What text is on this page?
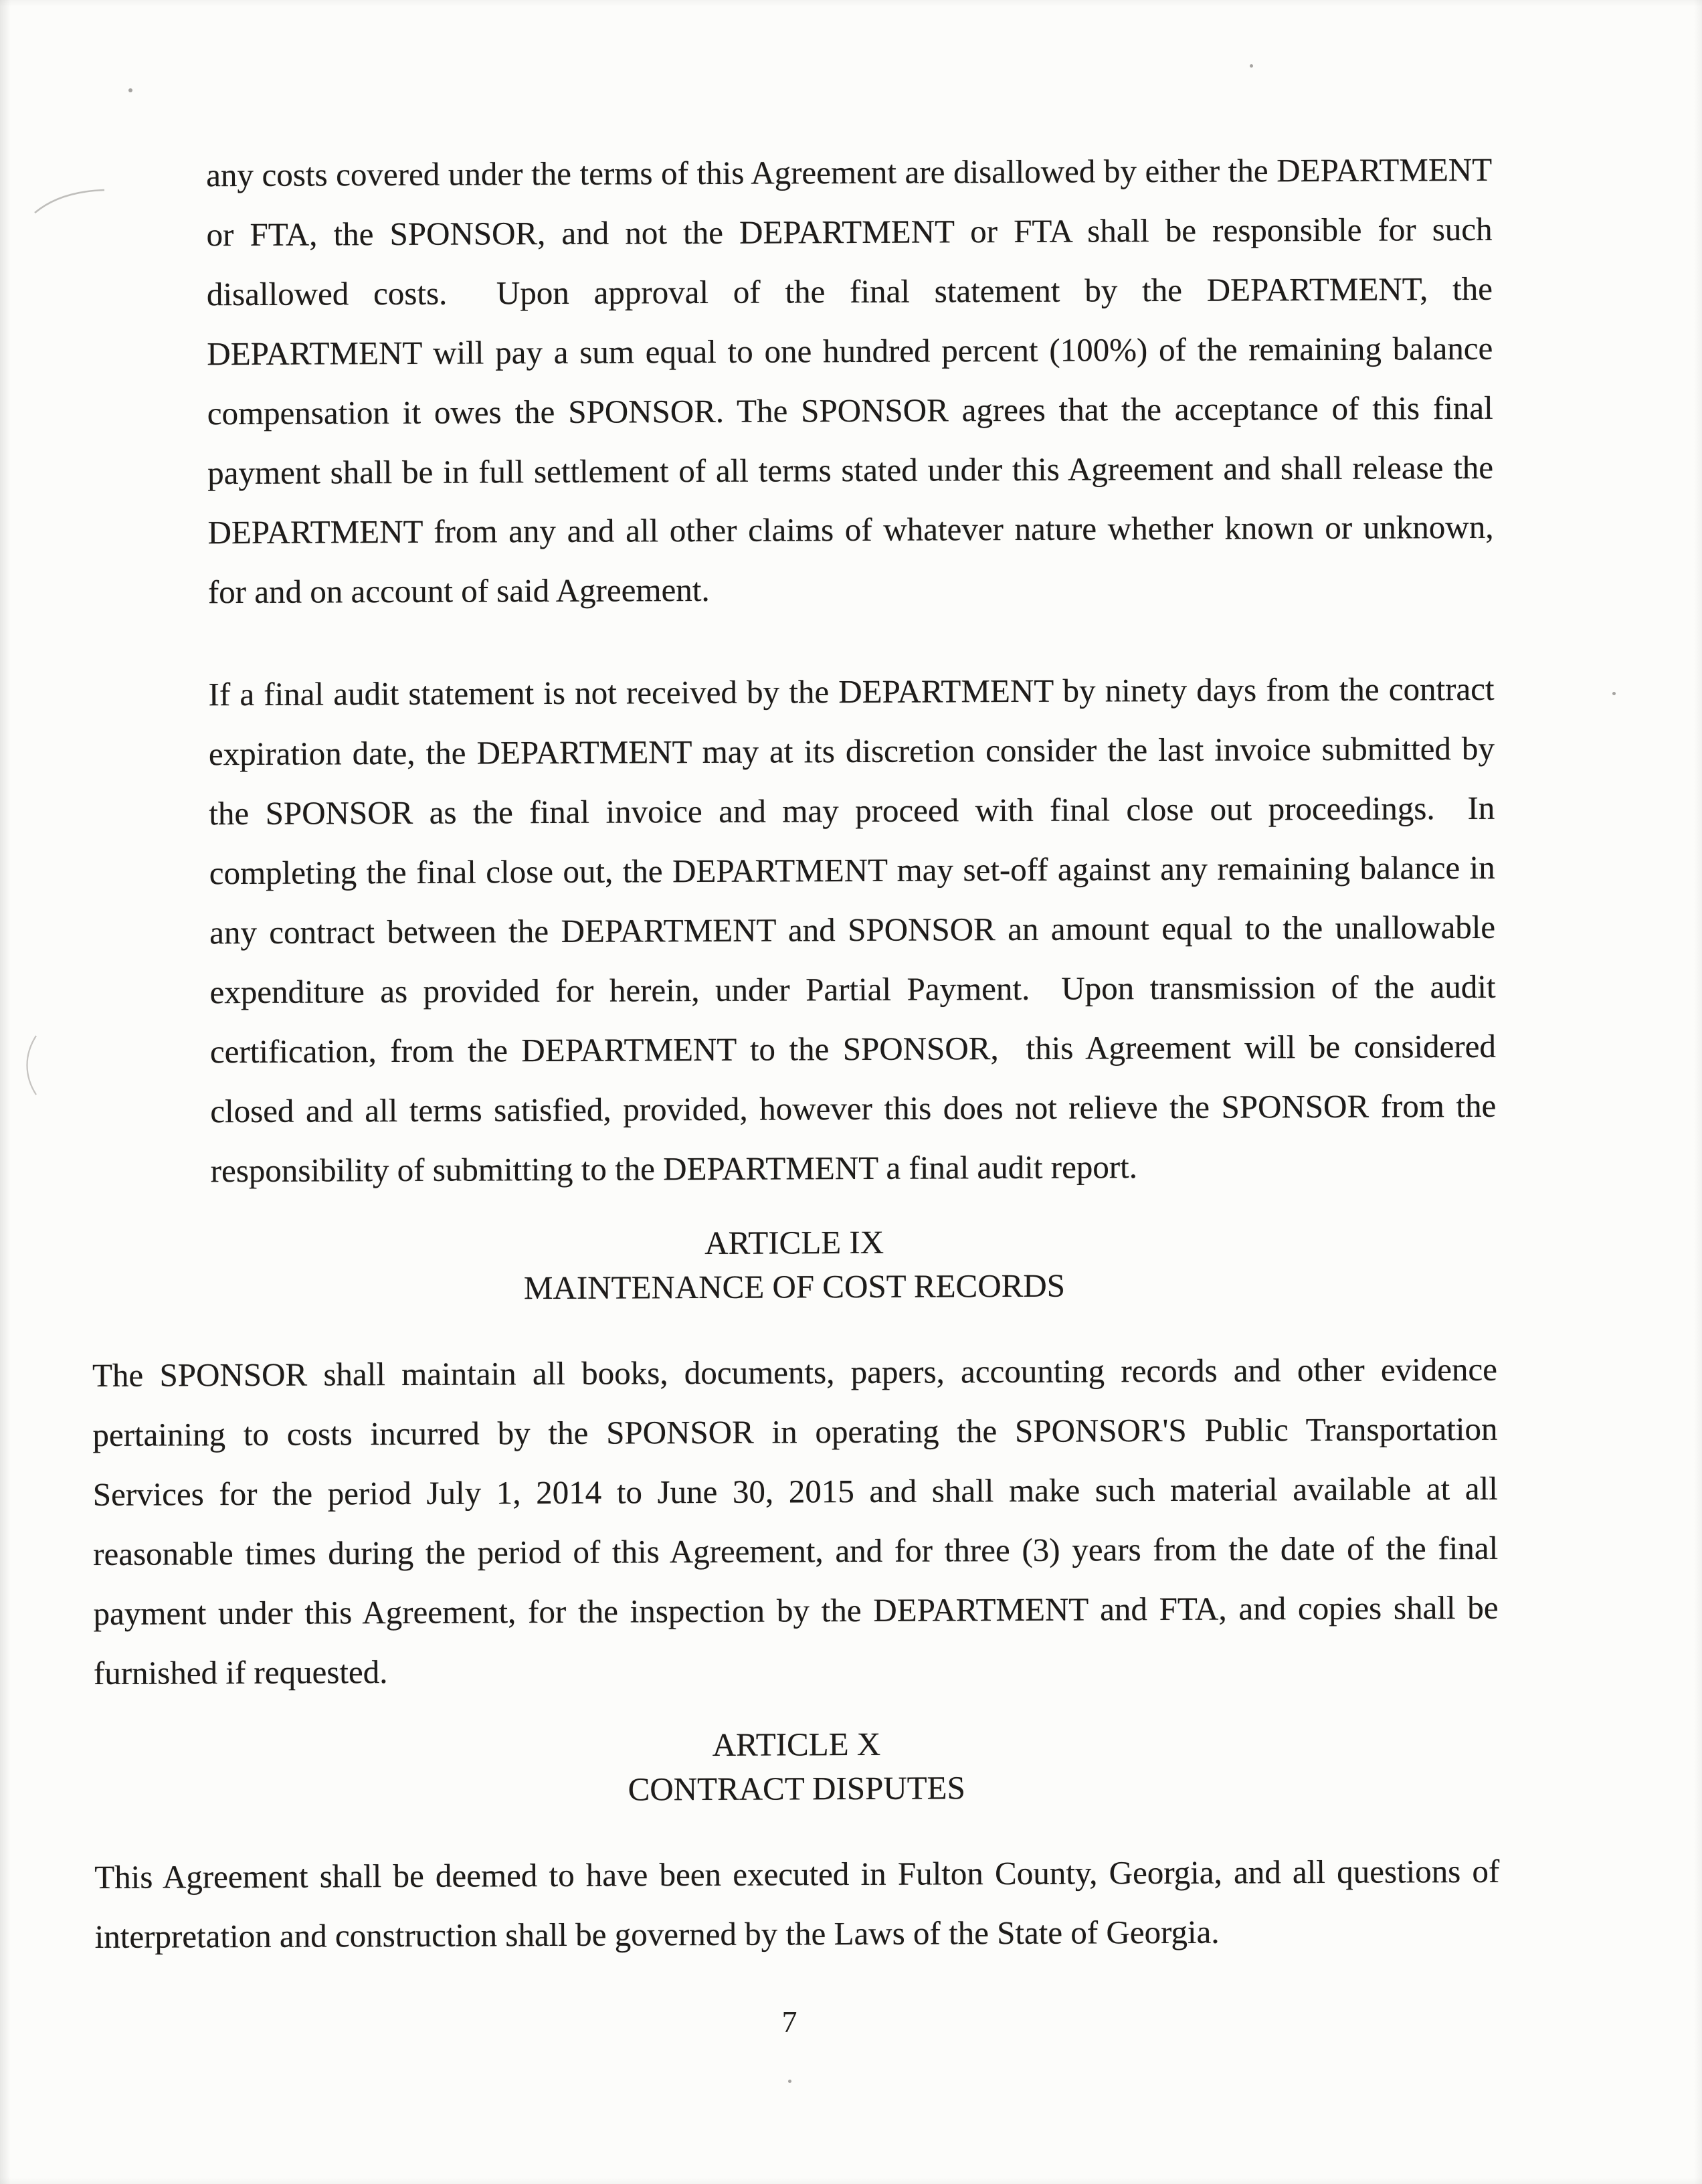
any costs covered under the terms of this Agreement are disallowed by either the DEPARTMENT or FTA, the SPONSOR, and not the DEPARTMENT or FTA shall be responsible for such disallowed costs.  Upon approval of the final statement by the DEPARTMENT, the DEPARTMENT will pay a sum equal to one hundred percent (100%) of the remaining balance compensation it owes the SPONSOR. The SPONSOR agrees that the acceptance of this final payment shall be in full settlement of all terms stated under this Agreement and shall release the DEPARTMENT from any and all other claims of whatever nature whether known or unknown, for and on account of said Agreement.

If a final audit statement is not received by the DEPARTMENT by ninety days from the contract expiration date, the DEPARTMENT may at its discretion consider the last invoice submitted by the SPONSOR as the final invoice and may proceed with final close out proceedings.  In completing the final close out, the DEPARTMENT may set-off against any remaining balance in any contract between the DEPARTMENT and SPONSOR an amount equal to the unallowable expenditure as provided for herein, under Partial Payment.  Upon transmission of the audit certification, from the DEPARTMENT to the SPONSOR,  this Agreement will be considered closed and all terms satisfied, provided, however this does not relieve the SPONSOR from the responsibility of submitting to the DEPARTMENT a final audit report.

ARTICLE IX
MAINTENANCE OF COST RECORDS

The SPONSOR shall maintain all books, documents, papers, accounting records and other evidence pertaining to costs incurred by the SPONSOR in operating the SPONSOR'S Public Transportation Services for the period July 1, 2014 to June 30, 2015 and shall make such material available at all reasonable times during the period of this Agreement, and for three (3) years from the date of the final payment under this Agreement, for the inspection by the DEPARTMENT and FTA, and copies shall be furnished if requested.

ARTICLE X
CONTRACT DISPUTES

This Agreement shall be deemed to have been executed in Fulton County, Georgia, and all questions of interpretation and construction shall be governed by the Laws of the State of Georgia.

7
